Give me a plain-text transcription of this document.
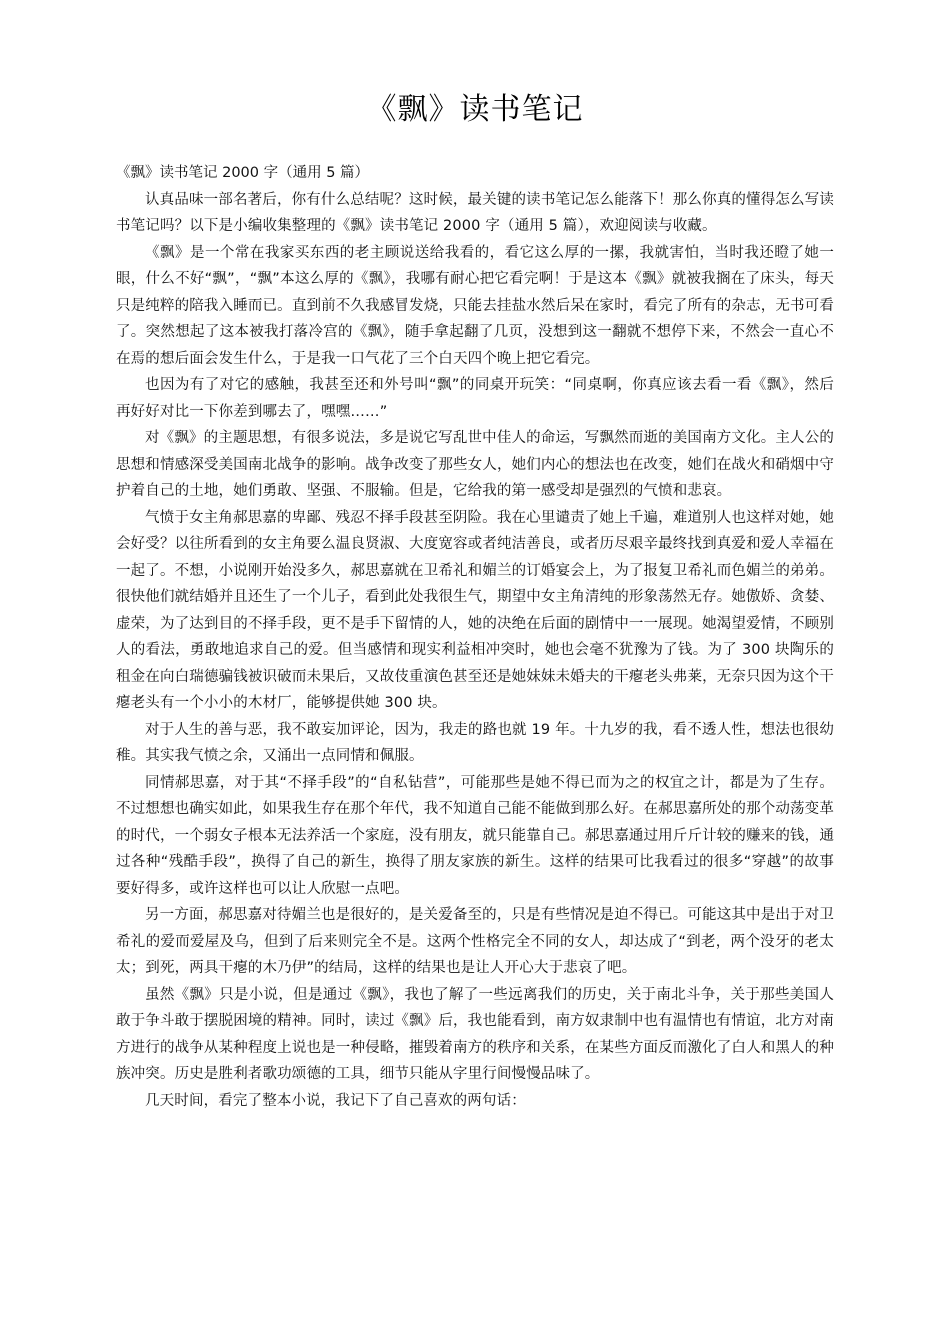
《飘》读书笔记

《飘》读书笔记 2000 字（通用 5 篇）

认真品味一部名著后，你有什么总结呢？这时候，最关键的读书笔记怎么能落下！那么你真的懂得怎么写读书笔记吗？以下是小编收集整理的《飘》读书笔记 2000 字（通用 5 篇），欢迎阅读与收藏。

《飘》是一个常在我家买东西的老主顾说送给我看的，看它这么厚的一摞，我就害怕，当时我还瞪了她一眼，什么不好“飘”，“飘”本这么厚的《飘》，我哪有耐心把它看完啊！于是这本《飘》就被我搁在了床头，每天只是纯粹的陪我入睡而已。直到前不久我感冒发烧，只能去挂盐水然后呆在家时，看完了所有的杂志，无书可看了。突然想起了这本被我打落冷宫的《飘》，随手拿起翻了几页，没想到这一翻就不想停下来，不然会一直心不在焉的想后面会发生什么，于是我一口气花了三个白天四个晚上把它看完。

也因为有了对它的感触，我甚至还和外号叫“飘”的同桌开玩笑：“同桌啊，你真应该去看一看《飘》，然后再好好对比一下你差到哪去了，嘿嘿……”

对《飘》的主题思想，有很多说法，多是说它写乱世中佳人的命运，写飘然而逝的美国南方文化。主人公的思想和情感深受美国南北战争的影响。战争改变了那些女人，她们内心的想法也在改变，她们在战火和硝烟中守护着自己的土地，她们勇敢、坚强、不服输。但是，它给我的第一感受却是强烈的气愤和悲哀。

气愤于女主角郝思嘉的卑鄙、残忍不择手段甚至阴险。我在心里谴责了她上千遍，难道别人也这样对她，她会好受？以往所看到的女主角要么温良贤淑、大度宽容或者纯洁善良，或者历尽艰辛最终找到真爱和爱人幸福在一起了。不想，小说刚开始没多久，郝思嘉就在卫希礼和媚兰的订婚宴会上，为了报复卫希礼而色媚兰的弟弟。很快他们就结婚并且还生了一个儿子，看到此处我很生气，期望中女主角清纯的形象荡然无存。她傲娇、贪婪、虚荣，为了达到目的不择手段，更不是手下留情的人，她的决绝在后面的剧情中一一展现。她渴望爱情，不顾别人的看法，勇敢地追求自己的爱。但当感情和现实利益相冲突时，她也会毫不犹豫为了钱。为了 300 块陶乐的租金在向白瑞德骗钱被识破而未果后，又故伎重演色甚至还是她妹妹未婚夫的干瘪老头弗莱，无奈只因为这个干瘪老头有一个小小的木材厂，能够提供她 300 块。

对于人生的善与恶，我不敢妄加评论，因为，我走的路也就 19 年。十九岁的我，看不透人性，想法也很幼稚。其实我气愤之余，又涌出一点同情和佩服。

同情郝思嘉，对于其“不择手段”的“自私钻营”，可能那些是她不得已而为之的权宜之计，都是为了生存。不过想想也确实如此，如果我生存在那个年代，我不知道自己能不能做到那么好。在郝思嘉所处的那个动荡变革的时代，一个弱女子根本无法养活一个家庭，没有朋友，就只能靠自己。郝思嘉通过用斤斤计较的赚来的钱，通过各种“残酷手段”，换得了自己的新生，换得了朋友家族的新生。这样的结果可比我看过的很多“穿越”的故事要好得多，或许这样也可以让人欣慰一点吧。

另一方面，郝思嘉对待媚兰也是很好的，是关爱备至的，只是有些情况是迫不得已。可能这其中是出于对卫希礼的爱而爱屋及乌，但到了后来则完全不是。这两个性格完全不同的女人，却达成了“到老，两个没牙的老太太；到死，两具干瘪的木乃伊”的结局，这样的结果也是让人开心大于悲哀了吧。

虽然《飘》只是小说，但是通过《飘》，我也了解了一些远离我们的历史，关于南北斗争，关于那些美国人敢于争斗敢于摆脱困境的精神。同时，读过《飘》后，我也能看到，南方奴隶制中也有温情也有情谊，北方对南方进行的战争从某种程度上说也是一种侵略，摧毁着南方的秩序和关系，在某些方面反而激化了白人和黑人的种族冲突。历史是胜利者歌功颂德的工具，细节只能从字里行间慢慢品味了。

几天时间，看完了整本小说，我记下了自己喜欢的两句话：
